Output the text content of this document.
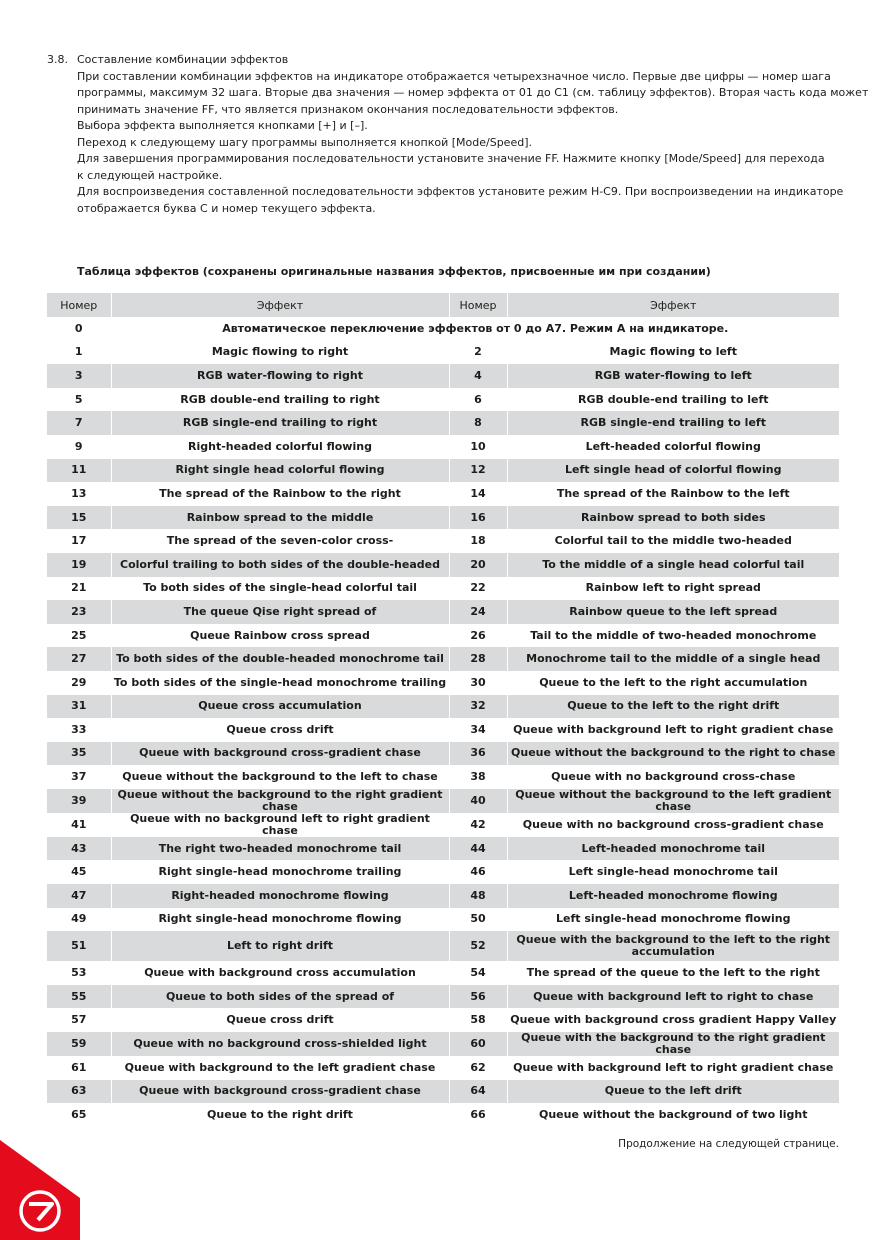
3.8. Составление комбинации эффектов
При составлении комбинации эффектов на индикаторе отображается четырехзначное число. Первые две цифры — номер шага
программы, максимум 32 шага. Вторые два значения — номер эффекта от 01 до C1 (см. таблицу эффектов). Вторая часть кода может
принимать значение FF, что является признаком окончания последовательности эффектов.
Выбора эффекта выполняется кнопками [+] и [–].
Переход к следующему шагу программы выполняется кнопкой [Mode/Speed].
Для завершения программирования последовательности установите значение FF. Нажмите кнопку [Mode/Speed] для перехода
к следующей настройке.
Для воспроизведения составленной последовательности эффектов установите режим H-C9. При воспроизведении на индикаторе
отображается буква C и номер текущего эффекта.
Таблица эффектов (сохранены оригинальные названия эффектов, присвоенные им при создании)
Номер	Эффект	Номер	Эффект
0	Автоматическое переключение эффектов от 0 до A7. Режим A на индикаторе.		
1	Magic flowing to right	2	Magic flowing to left
3	RGB water-flowing to right	4	RGB water-flowing to left
5	RGB double-end trailing to right	6	RGB double-end trailing to left
7	RGB single-end trailing to right	8	RGB single-end trailing to left
9	Right-headed colorful flowing	10	Left-headed colorful flowing
11	Right single head colorful flowing	12	Left single head of colorful flowing
13	The spread of the Rainbow to the right	14	The spread of the Rainbow to the left
15	Rainbow spread to the middle	16	Rainbow spread to both sides
17	The spread of the seven-color cross-	18	Colorful tail to the middle two-headed
19	Colorful trailing to both sides of the double-headed	20	To the middle of a single head colorful tail
21	To both sides of the single-head colorful tail	22	Rainbow left to right spread
23	The queue Qise right spread of	24	Rainbow queue to the left spread
25	Queue Rainbow cross spread	26	Tail to the middle of two-headed monochrome
27	To both sides of the double-headed monochrome tail	28	Monochrome tail to the middle of a single head
29	To both sides of the single-head monochrome trailing	30	Queue to the left to the right accumulation
31	Queue cross accumulation	32	Queue to the left to the right drift
33	Queue cross drift	34	Queue with background left to right gradient chase
35	Queue with background cross-gradient chase	36	Queue without the background to the right to chase
37	Queue without the background to the left to chase	38	Queue with no background cross-chase
39	Queue without the background to the right gradient chase	40	Queue without the background to the left gradient chase
41	Queue with no background left to right gradient chase	42	Queue with no background cross-gradient chase
43	The right two-headed monochrome tail	44	Left-headed monochrome tail
45	Right single-head monochrome trailing	46	Left single-head monochrome tail
47	Right-headed monochrome flowing	48	Left-headed monochrome flowing
49	Right single-head monochrome flowing	50	Left single-head monochrome flowing
51	Left to right drift	52	Queue with the background to the left to the right accumulation
53	Queue with background cross accumulation	54	The spread of the queue to the left to the right
55	Queue to both sides of the spread of	56	Queue with background left to right to chase
57	Queue cross drift	58	Queue with background cross gradient Happy Valley
59	Queue with no background cross-shielded light	60	Queue with the background to the right gradient chase
61	Queue with background to the left gradient chase	62	Queue with background left to right gradient chase
63	Queue with background cross-gradient chase	64	Queue to the left drift
65	Queue to the right drift	66	Queue without the background of two light
Продолжение на следующей странице.
